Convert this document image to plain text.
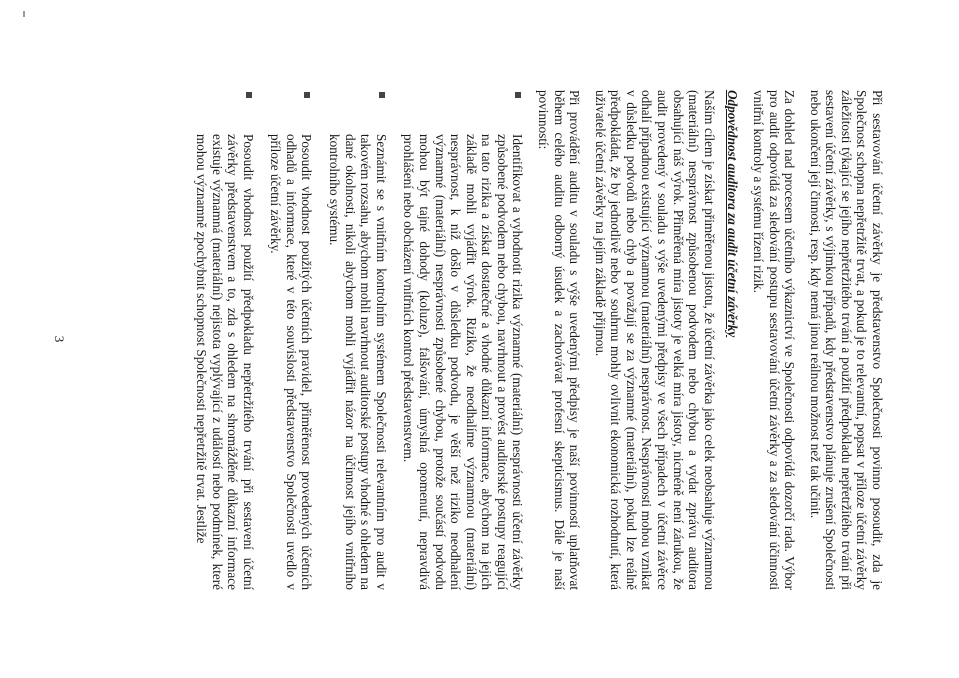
Při sestavování účetní závěrky je představenstvo Společnosti povinno posoudit, zda je Společnost schopna nepřetržitě trvat, a pokud je to relevantní, popsat v příloze účetní závěrky záležitosti týkající se jejího nepřetržitého trvání a použití předpokladu nepřetržitého trvání při sestavení účetní závěrky, s výjimkou případů, kdy představenstvo plánuje zrušení Společnosti nebo ukončení její činnosti, resp. kdy nemá jinou reálnou možnost než tak učinit.

Za dohled nad procesem účetního výkaznictví ve Společnosti odpovídá dozorčí rada. Výbor pro audit odpovídá za sledování postupu sestavování účetní závěrky a za sledování účinnosti vnitřní kontroly a systému řízení rizik.

Odpovědnost auditora za audit účetní závěrky

Naším cílem je získat přiměřenou jistotu, že účetní závěrka jako celek neobsahuje významnou (materiální) nesprávnost způsobenou podvodem nebo chybou a vydat zprávu auditora obsahující náš výrok. Přiměřená míra jistoty je velká míra jistoty, nicméně není zárukou, že audit provedený v souladu s výše uvedenými předpisy ve všech případech v účetní závěrce odhalí případnou existující významnou (materiální) nesprávnost. Nesprávnosti mohou vznikat v důsledku podvodů nebo chyb a považují se za významné (materiální), pokud lze reálně předpokládat, že by jednotlivě nebo v souhrnu mohly ovlivnit ekonomická rozhodnutí, která uživatelé účetní závěrky na jejím základě přijmou.

Při provádění auditu v souladu s výše uvedenými předpisy je naší povinností uplatňovat během celého auditu odborný úsudek a zachovávat profesní skepticismus. Dále je naší povinností:

Identifikovat a vyhodnotit rizika významné (materiální) nesprávnosti účetní závěrky způsobené podvodem nebo chybou, navrhnout a provést auditorské postupy reagující na tato rizika a získat dostatečné a vhodné důkazní informace, abychom na jejich základě mohli vyjádřit výrok. Riziko, že neodhalíme významnou (materiální) nesprávnost, k níž došlo v důsledku podvodu, je větší než riziko neodhalení významné (materiální) nesprávnosti způsobené chybou, protože součástí podvodu mohou být tajné dohody (koluze), falšování, úmyslná opomenutí, nepravdivá prohlášení nebo obcházení vnitřních kontrol představenstvem.
Seznámit se s vnitřním kontrolním systémem Společnosti relevantním pro audit v takovém rozsahu, abychom mohli navrhnout auditorské postupy vhodné s ohledem na dané okolnosti, nikoli abychom mohli vyjádřit názor na účinnost jejího vnitřního kontrolního systému.
Posoudit vhodnost použitých účetních pravidel, přiměřenost provedených účetních odhadů a informace, které v této souvislosti představenstvo Společnosti uvedlo v příloze účetní závěrky.
Posoudit vhodnost použití předpokladu nepřetržitého trvání při sestavení účetní závěrky představenstvem a to, zda s ohledem na shromážděné důkazní informace existuje významná (materiální) nejistota vyplývající z událostí nebo podmínek, které mohou významně zpochybnit schopnost Společnosti nepřetržitě trvat. Jestliže
3
